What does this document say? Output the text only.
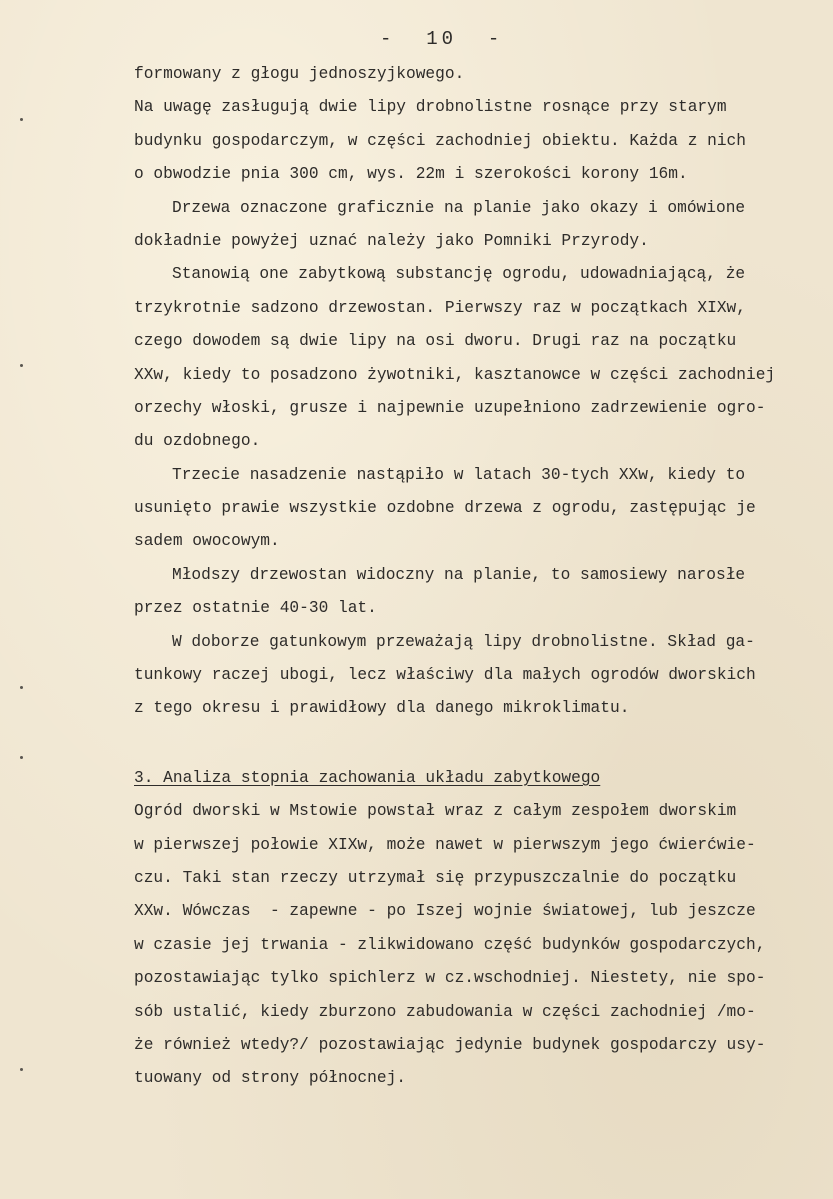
-  10  -
formowany z głogu jednoszyjkowego.
Na uwagę zasługują dwie lipy drobnolistne rosnące przy starym
budynku gospodarczym, w części zachodniej obiektu. Każda z nich
o obwodzie pnia 300 cm, wys. 22m i szerokości korony 16m.
Drzewa oznaczone graficznie na planie jako okazy i omówione
dokładnie powyżej uznać należy jako Pomniki Przyrody.
Stanowią one zabytkową substancję ogrodu, udowadniającą, że
trzykrotnie sadzono drzewostan. Pierwszy raz w początkach XIXw,
czego dowodem są dwie lipy na osi dworu. Drugi raz na początku
XXw, kiedy to posadzono żywotniki, kasztanowce w części zachodniej
orzechy włoski, grusze i najpewnie uzupełniono zadrzewienie ogro-
du ozdobnego.
Trzecie nasadzenie nastąpiło w latach 30-tych XXw, kiedy to
usunięto prawie wszystkie ozdobne drzewa z ogrodu, zastępując je
sadem owocowym.
Młodszy drzewostan widoczny na planie, to samosiewy narosłe
przez ostatnie 40-30 lat.
W doborze gatunkowym przeważają lipy drobnolistne. Skład ga-
tunkowy raczej ubogi, lecz właściwy dla małych ogrodów dworskich
z tego okresu i prawidłowy dla danego mikroklimatu.
3. Analiza stopnia zachowania układu zabytkowego
Ogród dworski w Mstowie powstał wraz z całym zespołem dworskim
w pierwszej połowie XIXw, może nawet w pierwszym jego ćwierćwie-
czu. Taki stan rzeczy utrzymał się przypuszczalnie do początku
XXw. Wówczas  - zapewne - po Iszej wojnie światowej, lub jeszcze
w czasie jej trwania - zlikwidowano część budynków gospodarczych,
pozostawiając tylko spichlerz w cz.wschodniej. Niestety, nie spo-
sób ustalić, kiedy zburzono zabudowania w części zachodniej /mo-
że również wtedy?/ pozostawiając jedynie budynek gospodarczy usy-
tuowany od strony północnej.
